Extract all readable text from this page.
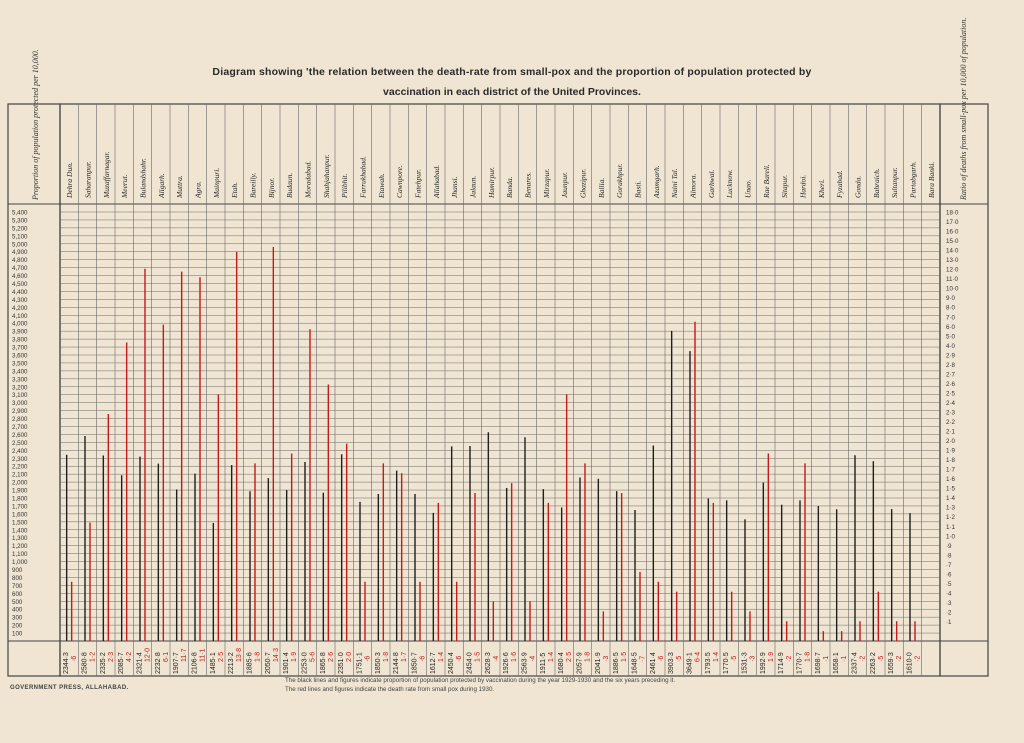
Diagram showing 'the relation between the death-rate from small-pox and the proportion of population protected by
vaccination in each district of the United Provinces.
Proportion of population protected per 10,000.	Ratio of deaths from small-pox per 10,000 of population.
5,400
5,300
5,200
5,100
5,000
4,900
4,800
4,700
4,600
4,500
4,400
4,300
4,200
4,100
4,000
3,900
3,800
3,700
3,600
3,500
3,400
3,300
3,200
3,100
3,000
2,900
2,800
2,700
2,600
2,500
2,400
2,300
2,200
2,100
2,000
1,900
1,800
1,700
1,600
1,500
1,400
1,300
1,200
1,100
1,000
900
800
700
600
500
400
300
200
100
18·0
17·0
16·0
15·0
14·0
13·0
12·0
11·0
10·0
9·0
8·0
7·0
6·0
5·0
4·0
2·9
2·8
2·7
2·6
2·5
2·4
2·3
2·2
2·1
2·0
1·9
1·8
1·7
1·6
1·5
1·4
1·3
1·2
1·1
1·0
·9
·8
·7
·6
·5
·4
·3
·2
·1
Dehra Dun. Saharanpur. Muzaffarnagar. Meerut. Bulandshahr. Aligarh. Muttra. Agra. Mainpuri. Etah. Bareilly. Bijnor. Budaun. Moradabad. Shahjahanpur. Pilibhit. Farrukhabad. Etawah. Cawnpore. Fatehpur. Allahabad. Jhansi. Jalaun. Hamirpur. Banda. Benares. Mirzapur. Jaunpur. Ghazipur. Ballia. Gorakhpur. Basti. Azamgarh. Naini Tal. Almora. Garhwal. Lucknow. Unao. Rae Bareli. Sitapur. Hardoi. Kheri. Fyzabad. Gonda. Bahraich. Sultanpur. Partabgarh. Bara Banki.
2344·3 ·6 2580·8 1·2 2335·2 2·3 2085·7 4·2 2321·4 12·0 2232·8 6·1 1907·7 11·7 2106·8 11·1 1485·1 2·5 2213·2 13·8 1885·6 1·8 2050·7 14·3 1901·4 1·9 2253·0 5·6 1865·8 2·6 2351·0 2·0 1751·1 ·6 1850·3 1·8 2144·8 1·7 1850·7 ·6 1612·7 1·4 2450·4 ·6 2454·0 1·5 2628·3 ·4 1926·6 1·6 2563·9 ·4 1911·5 1·4 1680·4 2·5 2057·9 1·8 2041·9 ·3 1886·5 1·5 1648·5 ·7 2461·4 ·6 3903·3 ·5 3649·1 6·4 1793·5 1·4 1770·5 ·5 1531·3 ·3 1992·9 1·9 1714·9 ·2 1770·7 1·8 1698·7 ·1 1658·1 ·1 2337·4 ·2 2263·2 ·5 1659·3 ·2 1610·0 ·2
GOVERNMENT PRESS, ALLAHABAD.
The black lines and figures indicate proportion of population protected by vaccination during the year 1929-1930 and the six years preceding it.
The red lines and figures indicate the death rate from small pox during 1930.
